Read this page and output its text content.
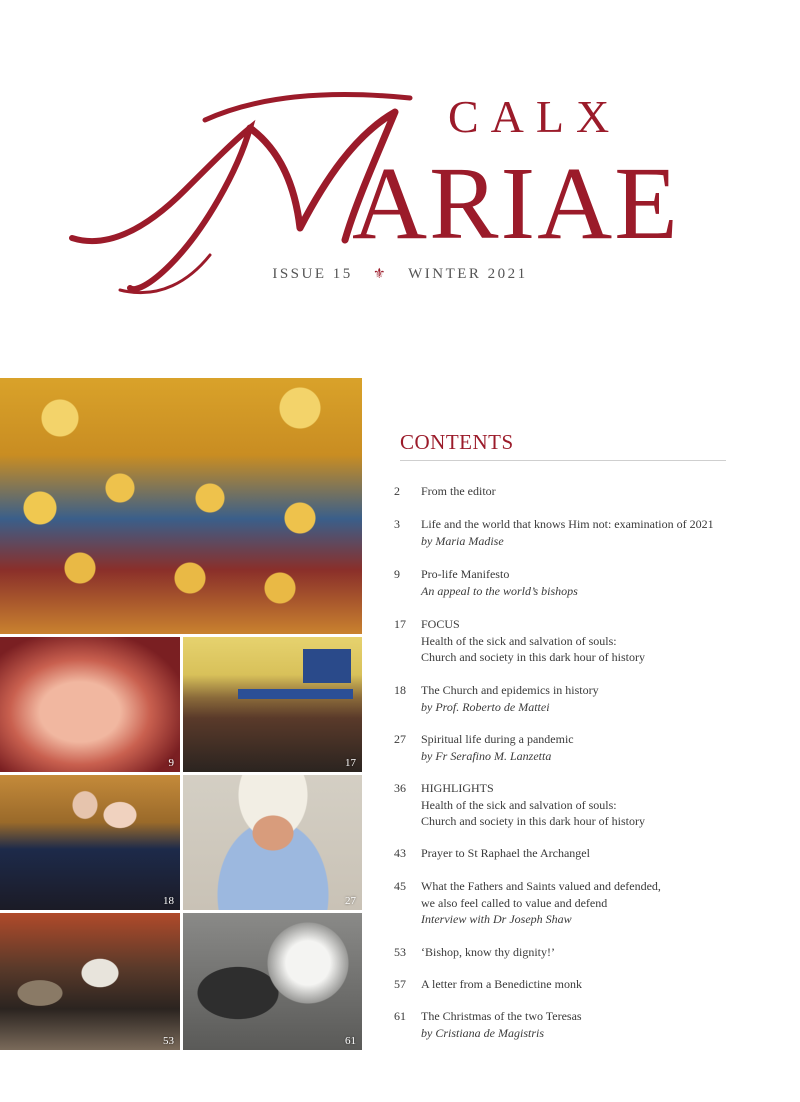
CALX
ARIAE
ISSUE 15 ⚜ WINTER 2021
9	17
18	27
53	61
CONTENTS
2	From the editor
3	Life and the world that knows Him not: examination of 2021
by Maria Madise
9	Pro-life Manifesto
An appeal to the world’s bishops
17	FOCUS
Health of the sick and salvation of souls:
Church and society in this dark hour of history
18	The Church and epidemics in history
by Prof. Roberto de Mattei
27	Spiritual life during a pandemic
by Fr Serafino M. Lanzetta
36	HIGHLIGHTS
Health of the sick and salvation of souls:
Church and society in this dark hour of history
43	Prayer to St Raphael the Archangel
45	What the Fathers and Saints valued and defended,
we also feel called to value and defend
Interview with Dr Joseph Shaw
53	‘Bishop, know thy dignity!’
57	A letter from a Benedictine monk
61	The Christmas of the two Teresas
by Cristiana de Magistris
